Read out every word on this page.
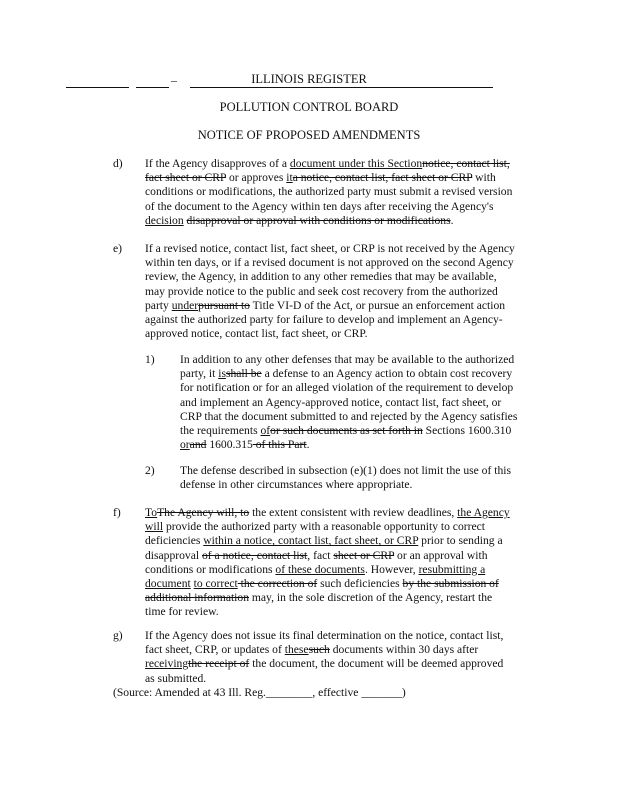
–	ILLINOIS REGISTER
POLLUTION CONTROL BOARD
NOTICE OF PROPOSED AMENDMENTS
d) If the Agency disapproves of a document under this Sectionnotice, contact list, fact sheet or CRP or approves ita notice, contact list, fact sheet or CRP with conditions or modifications, the authorized party must submit a revised version of the document to the Agency within ten days after receiving the Agency's decision disapproval or approval with conditions or modifications.
e) If a revised notice, contact list, fact sheet, or CRP is not received by the Agency within ten days, or if a revised document is not approved on the second Agency review, the Agency, in addition to any other remedies that may be available, may provide notice to the public and seek cost recovery from the authorized party underpursuant to Title VI-D of the Act, or pursue an enforcement action against the authorized party for failure to develop and implement an Agency-approved notice, contact list, fact sheet, or CRP.
1) In addition to any other defenses that may be available to the authorized party, it isshall be a defense to an Agency action to obtain cost recovery for notification or for an alleged violation of the requirement to develop and implement an Agency-approved notice, contact list, fact sheet, or CRP that the document submitted to and rejected by the Agency satisfies the requirements ofor such documents as set forth in Sections 1600.310 orand 1600.315 of this Part.
2) The defense described in subsection (e)(1) does not limit the use of this defense in other circumstances where appropriate.
f) ToThe Agency will, to the extent consistent with review deadlines, the Agency will provide the authorized party with a reasonable opportunity to correct deficiencies within a notice, contact list, fact sheet, or CRP prior to sending a disapproval of a notice, contact list, fact sheet or CRP or an approval with conditions or modifications of these documents. However, resubmitting a document to correct the correction of such deficiencies by the submission of additional information may, in the sole discretion of the Agency, restart the time for review.
g) If the Agency does not issue its final determination on the notice, contact list, fact sheet, CRP, or updates of thesesuch documents within 30 days after receivingthe receipt of the document, the document will be deemed approved as submitted.
(Source: Amended at 43 Ill. Reg.________, effective _______)
